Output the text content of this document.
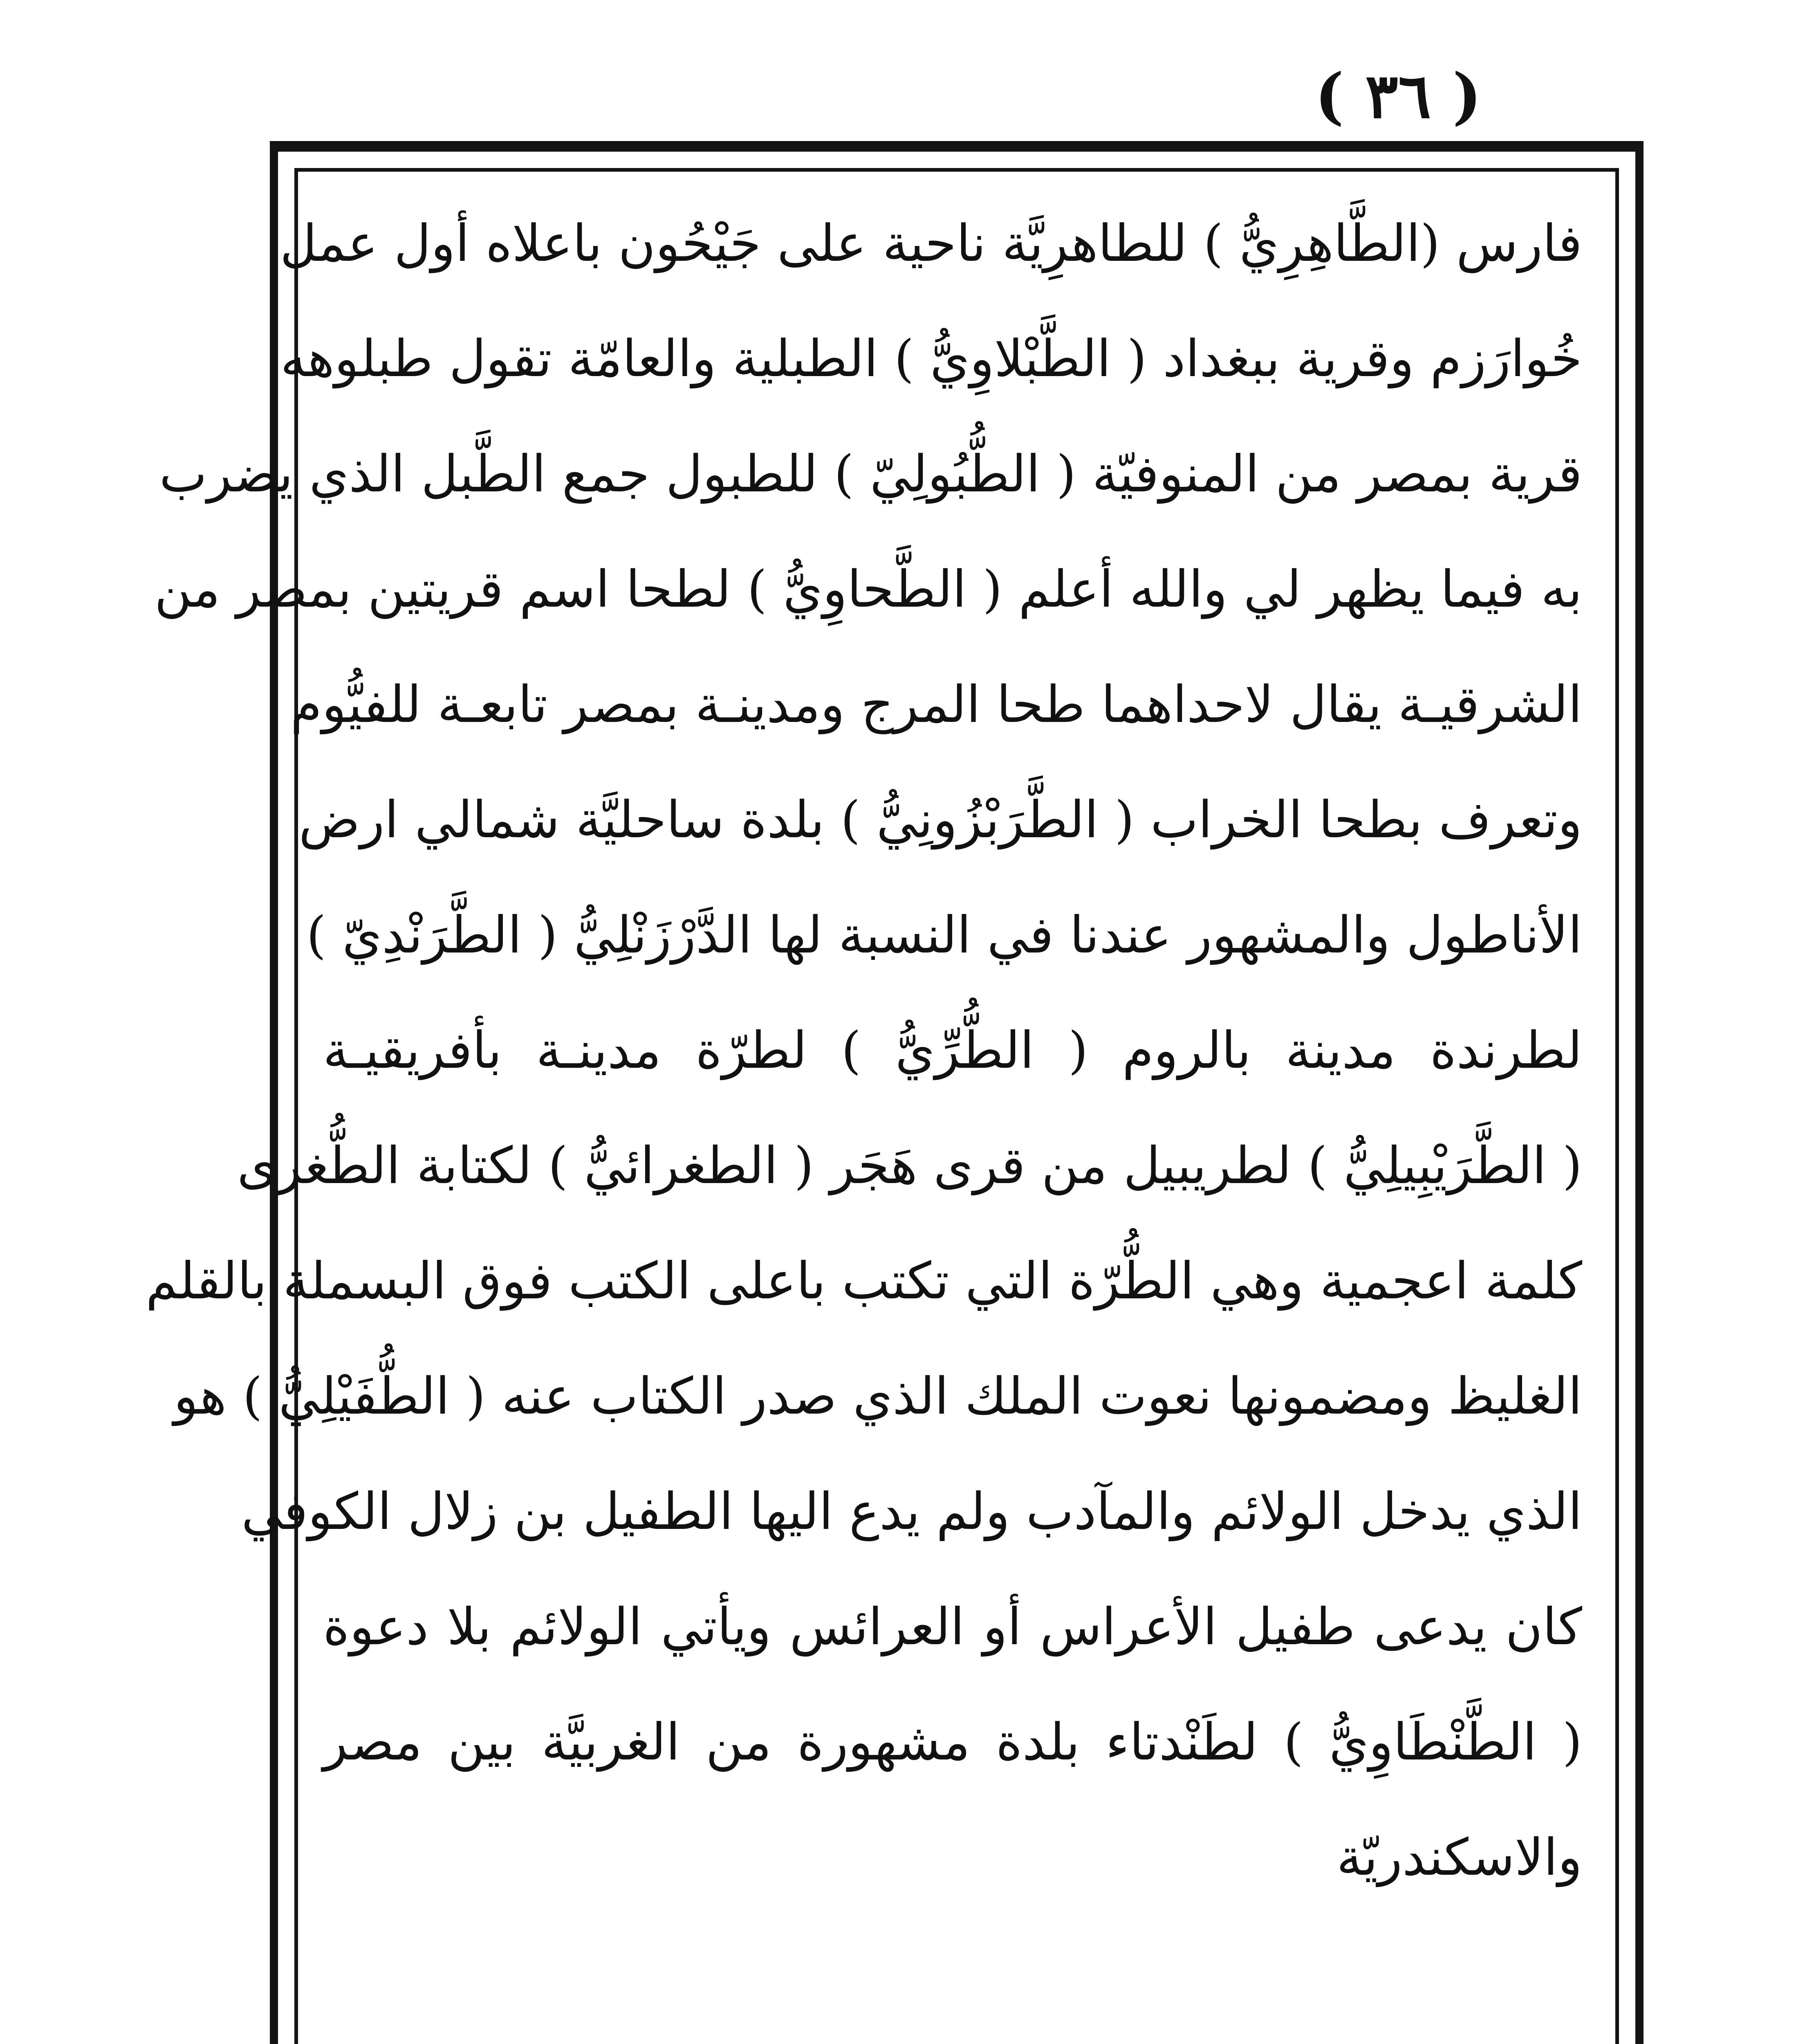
( ٣٦ )
فارس (الطَّاهِرِيُّ ) للطاهرِيَّة ناحية على جَيْحُون باعلاه أول عمل
خُوارَزم وقرية ببغداد ( الطَّبْلاوِيُّ ) الطبلية والعامّة تقول طبلوهه
قرية بمصر من المنوفيّة ( الطُّبُولِيّ ) للطبول جمع الطَّبل الذي يضرب
به فيما يظهر لي والله أعلم ( الطَّحاوِيُّ ) لطحا اسم قريتين بمصر من
الشرقيـة يقال لاحداهما طحا المرج ومدينـة بمصر تابعـة للفيُّوم
وتعرف بطحا الخراب ( الطَّرَبْزُونِيُّ ) بلدة ساحليَّة شمالي ارض
الأناطول والمشهور عندنا في النسبة لها الدَّرْزَنْلِيُّ ( الطَّرَنْدِيّ )
لطرندة مدينة بالروم ( الطُّرِّيُّ ) لطرّة مدينـة بأفريقيـة
( الطَّرَيْبِيلِيُّ ) لطريبيل من قرى هَجَر ( الطغرائيُّ ) لكتابة الطُّغرى
كلمة اعجمية وهي الطُّرّة التي تكتب باعلى الكتب فوق البسملة بالقلم
الغليظ ومضمونها نعوت الملك الذي صدر الكتاب عنه ( الطُّفَيْلِيُّ ) هو
الذي يدخل الولائم والمآدب ولم يدع اليها الطفيل بن زلال الكوفي
كان يدعى طفيل الأعراس أو العرائس ويأتي الولائم بلا دعوة
( الطَّنْطَاوِيُّ ) لطَنْدتاء بلدة مشهورة من الغربيَّة بين مصر
والاسكندريّة
